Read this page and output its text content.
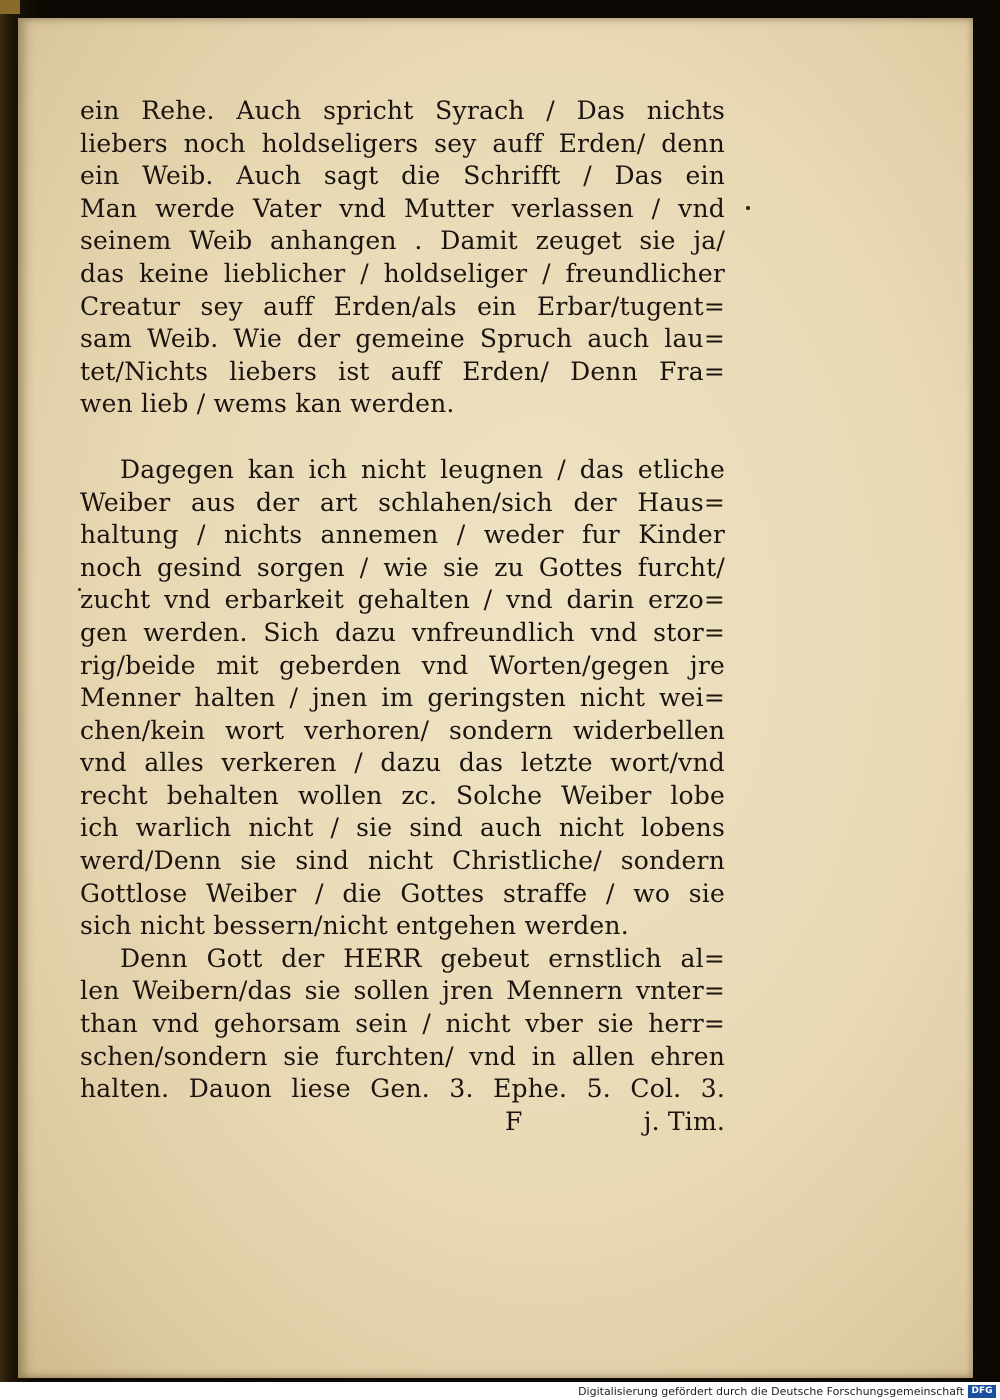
ein Rehe. Auch spricht Syrach / Das nichts
liebers noch holdseligers sey auff Erden/ denn
ein Weib. Auch sagt die Schrifft / Das ein
Man werde Vater vnd Mutter verlassen / vnd
seinem Weib anhangen . Damit zeuget sie ja/
das keine lieblicher / holdseliger / freundlicher
Creatur sey auff Erden/als ein Erbar/tugent=
sam Weib. Wie der gemeine Spruch auch lau=
tet/Nichts liebers ist auff Erden/ Denn Fra=
wen lieb / wems kan werden.
Dagegen kan ich nicht leugnen / das etliche
Weiber aus der art schlahen/sich der Haus=
haltung / nichts annemen / weder fur Kinder
noch gesind sorgen / wie sie zu Gottes furcht/
zucht vnd erbarkeit gehalten / vnd darin erzo=
gen werden. Sich dazu vnfreundlich vnd stor=
rig/beide mit geberden vnd Worten/gegen jre
Menner halten / jnen im geringsten nicht wei=
chen/kein wort verhoren/ sondern widerbellen
vnd alles verkeren / dazu das letzte wort/vnd
recht behalten wollen zc. Solche Weiber lobe
ich warlich nicht / sie sind auch nicht lobens
werd/Denn sie sind nicht Christliche/ sondern
Gottlose Weiber / die Gottes straffe / wo sie
sich nicht bessern/nicht entgehen werden.
Denn Gott der HERR gebeut ernstlich al=
len Weibern/das sie sollen jren Mennern vnter=
than vnd gehorsam sein / nicht vber sie herr=
schen/sondern sie furchten/ vnd in allen ehren
halten. Dauon liese Gen. 3. Ephe. 5. Col. 3.
F	j. Tim.
Digitalisierung gefördert durch die Deutsche Forschungsgemeinschaft DFG
